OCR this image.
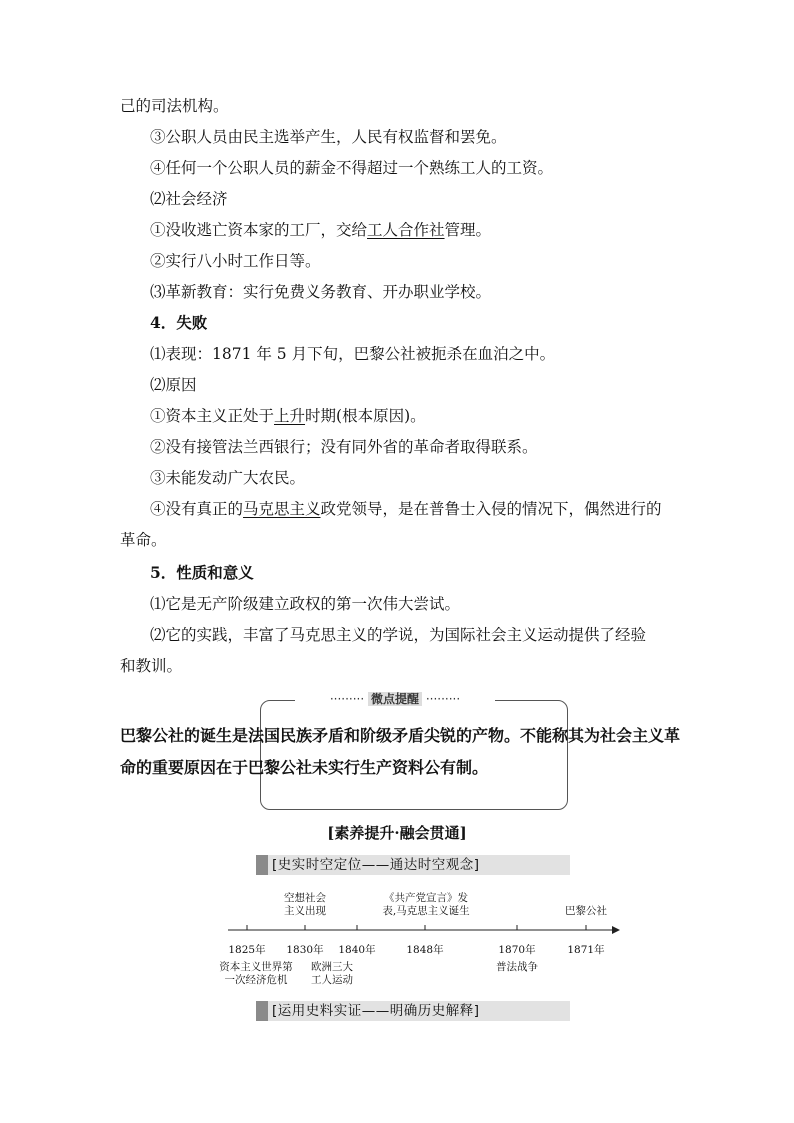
己的司法机构。
③公职人员由民主选举产生，人民有权监督和罢免。
④任何一个公职人员的薪金不得超过一个熟练工人的工资。
⑵社会经济
①没收逃亡资本家的工厂，交给工人合作社管理。
②实行八小时工作日等。
⑶革新教育：实行免费义务教育、开办职业学校。
4．失败
⑴表现：1871 年 5 月下旬，巴黎公社被扼杀在血泊之中。
⑵原因
①资本主义正处于上升时期(根本原因)。
②没有接管法兰西银行；没有同外省的革命者取得联系。
③未能发动广大农民。
④没有真正的马克思主义政党领导，是在普鲁士入侵的情况下，偶然进行的
革命。
5．性质和意义
⑴它是无产阶级建立政权的第一次伟大尝试。
⑵它的实践，丰富了马克思主义的学说，为国际社会主义运动提供了经验
和教训。
········· 微点提醒 ·········
巴黎公社的诞生是法国民族矛盾和阶级矛盾尖锐的产物。不能称其为社会主义革命的重要原因在于巴黎公社未实行生产资料公有制。
[素养提升·融会贯通]
[史实时空定位——通达时空观念]
1825年 1830年 1840年	1848年	1870年	1871年
空想社会
主义出现
《共产党宣言》发
表,马克思主义诞生	巴黎公社
资本主义世界第
一次经济危机
欧洲三大
工人运动
普法战争
[运用史料实证——明确历史解释]
